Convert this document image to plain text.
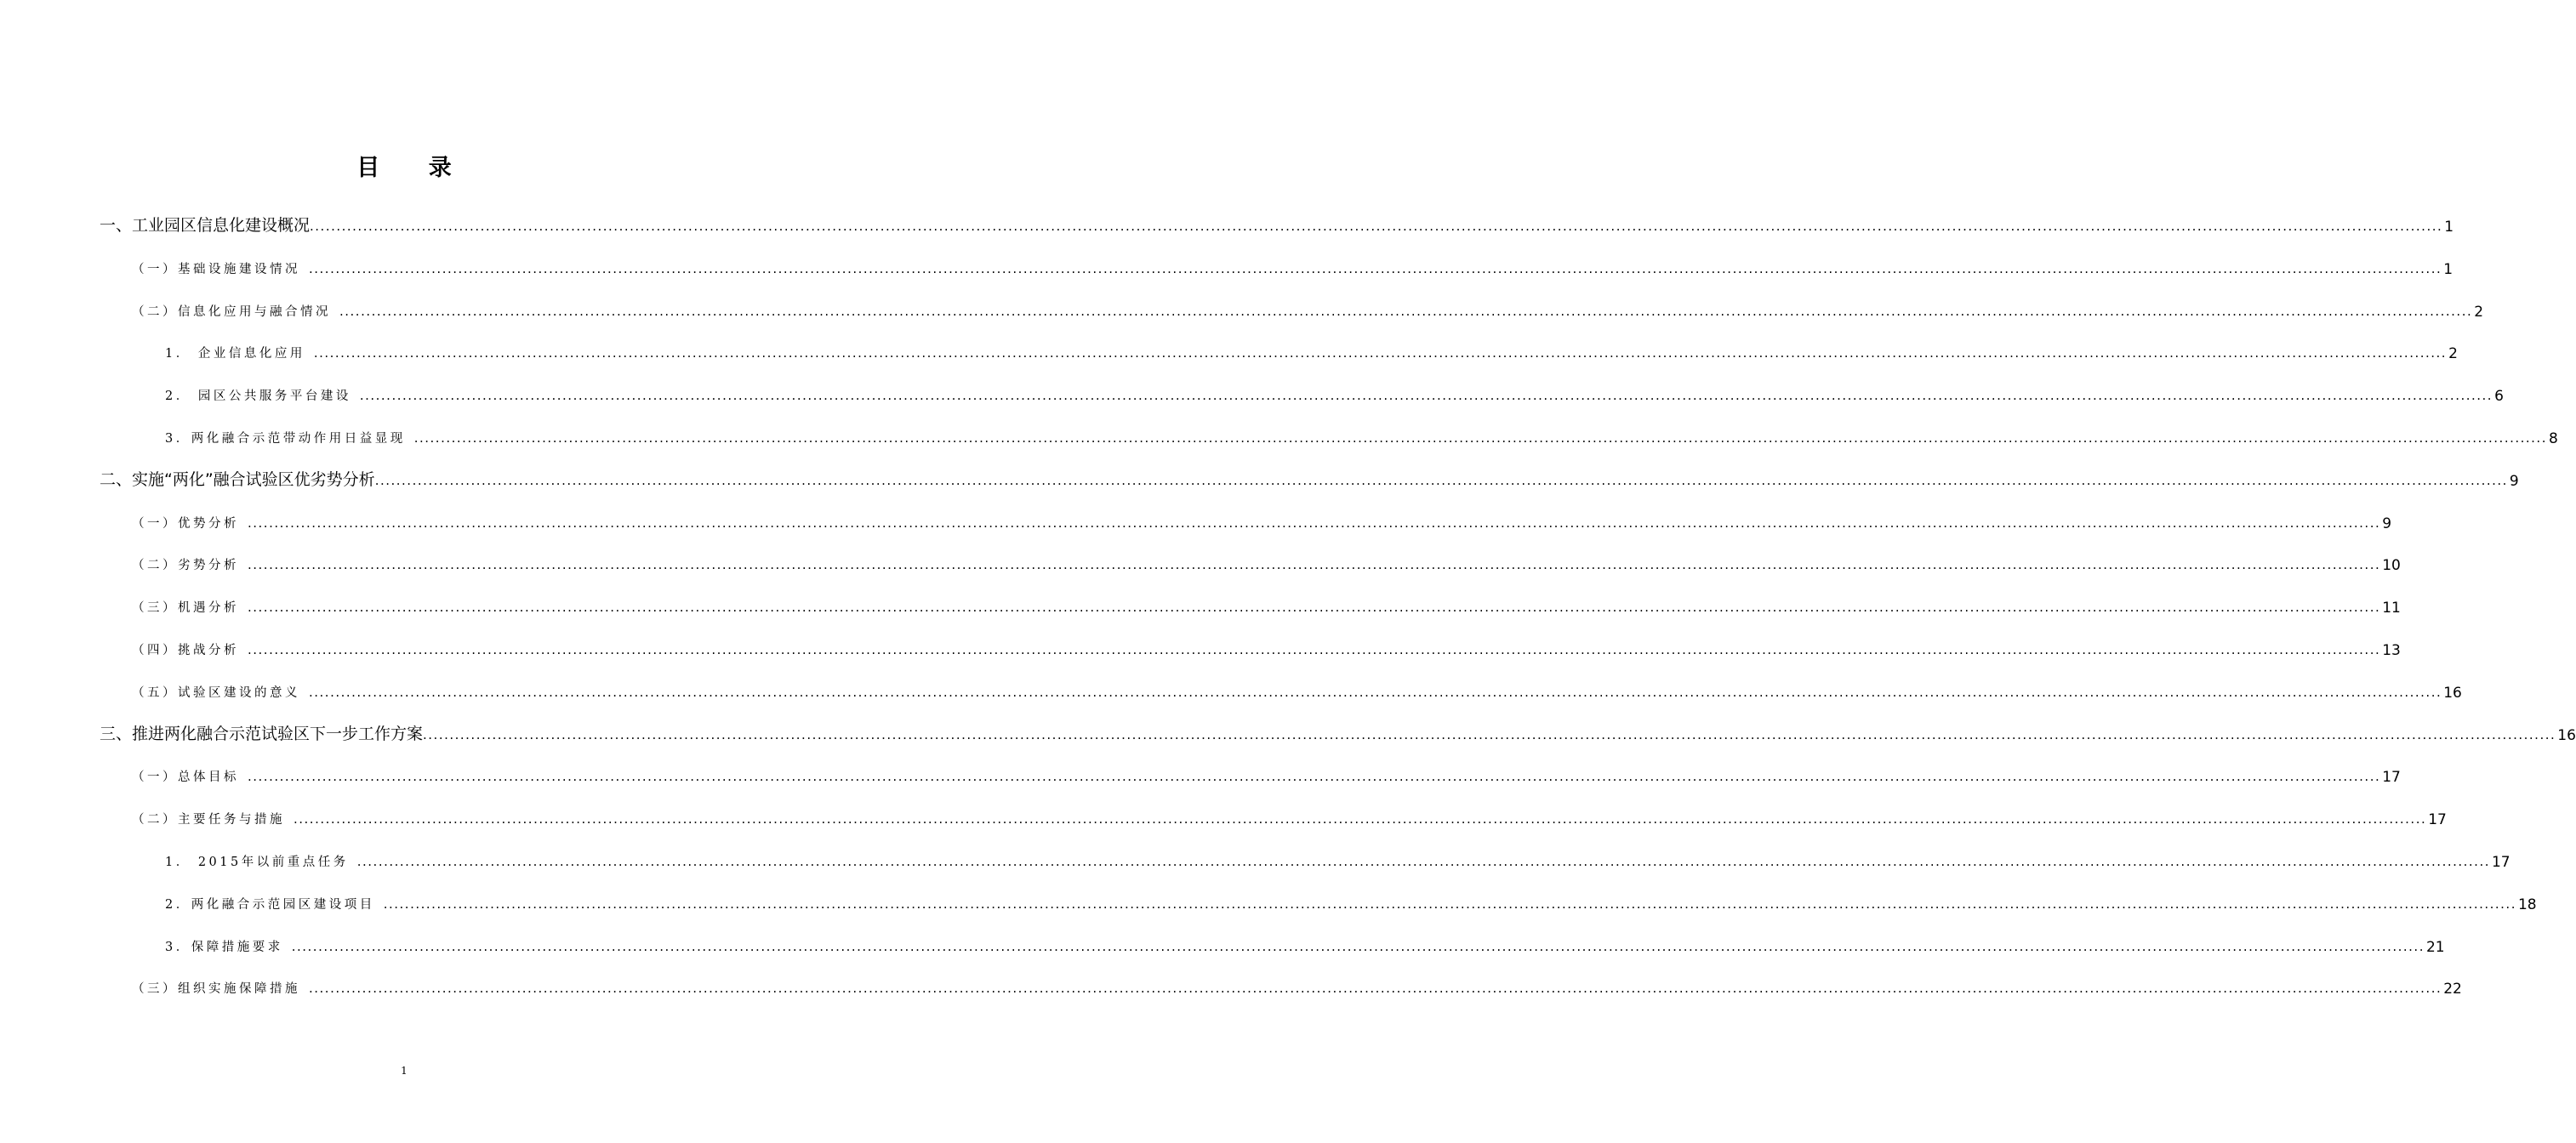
目 录
一、工业园区信息化建设概况 ................................................................................................................................................................................................................................................................................................................................................................................................................ 1
（一）基础设施建设情况 ................................................................................................................................................................................................................................................................................................................................................................................................................ 1
（二）信息化应用与融合情况 ................................................................................................................................................................................................................................................................................................................................................................................................................ 2
1． 企业信息化应用 ................................................................................................................................................................................................................................................................................................................................................................................................................ 2
2． 园区公共服务平台建设 ................................................................................................................................................................................................................................................................................................................................................................................................................ 6
3．两化融合示范带动作用日益显现 ................................................................................................................................................................................................................................................................................................................................................................................................................ 8
二、实施“两化”融合试验区优劣势分析 ................................................................................................................................................................................................................................................................................................................................................................................................................ 9
（一）优势分析 ................................................................................................................................................................................................................................................................................................................................................................................................................ 9
（二）劣势分析 ................................................................................................................................................................................................................................................................................................................................................................................................................ 10
（三）机遇分析 ................................................................................................................................................................................................................................................................................................................................................................................................................ 11
（四）挑战分析 ................................................................................................................................................................................................................................................................................................................................................................................................................ 13
（五）试验区建设的意义 ................................................................................................................................................................................................................................................................................................................................................................................................................ 16
三、推进两化融合示范试验区下一步工作方案 ................................................................................................................................................................................................................................................................................................................................................................................................................ 16
（一）总体目标 ................................................................................................................................................................................................................................................................................................................................................................................................................ 17
（二）主要任务与措施 ................................................................................................................................................................................................................................................................................................................................................................................................................ 17
1． 2015年以前重点任务 ................................................................................................................................................................................................................................................................................................................................................................................................................ 17
2．两化融合示范园区建设项目 ................................................................................................................................................................................................................................................................................................................................................................................................................ 18
3．保障措施要求 ................................................................................................................................................................................................................................................................................................................................................................................................................ 21
（三）组织实施保障措施 ................................................................................................................................................................................................................................................................................................................................................................................................................ 22
1
